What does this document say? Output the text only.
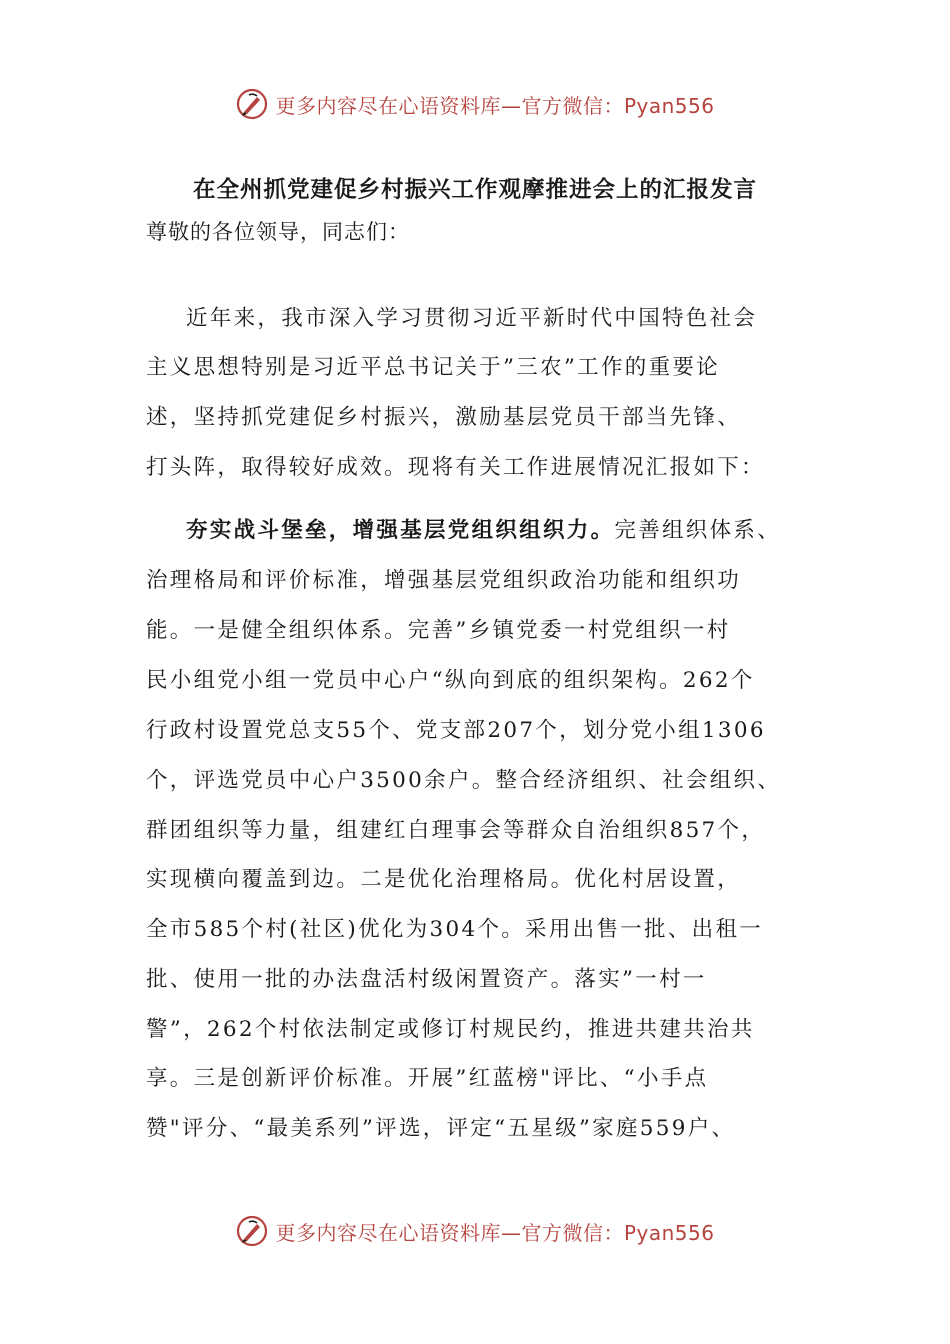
更多内容尽在心语资料库—官方微信：Pyan556
在全州抓党建促乡村振兴工作观摩推进会上的汇报发言
尊敬的各位领导，同志们：
近年来，我市深入学习贯彻习近平新时代中国特色社会
主义思想特别是习近平总书记关于”三农”工作的重要论
述，坚持抓党建促乡村振兴，激励基层党员干部当先锋、
打头阵，取得较好成效。现将有关工作进展情况汇报如下：
夯实战斗堡垒，增强基层党组织组织力。完善组织体系、
治理格局和评价标准，增强基层党组织政治功能和组织功
能。一是健全组织体系。完善”乡镇党委一村党组织一村
民小组党小组一党员中心户“纵向到底的组织架构。262个
行政村设置党总支55个、党支部207个，划分党小组1306
个，评选党员中心户3500余户。整合经济组织、社会组织、
群团组织等力量，组建红白理事会等群众自治组织857个，
实现横向覆盖到边。二是优化治理格局。优化村居设置，
全市585个村(社区)优化为304个。采用出售一批、出租一
批、使用一批的办法盘活村级闲置资产。落实”一村一
警”，262个村依法制定或修订村规民约，推进共建共治共
享。三是创新评价标准。开展”红蓝榜"评比、“小手点
赞"评分、“最美系列”评选，评定“五星级”家庭559户、
更多内容尽在心语资料库—官方微信：Pyan556
